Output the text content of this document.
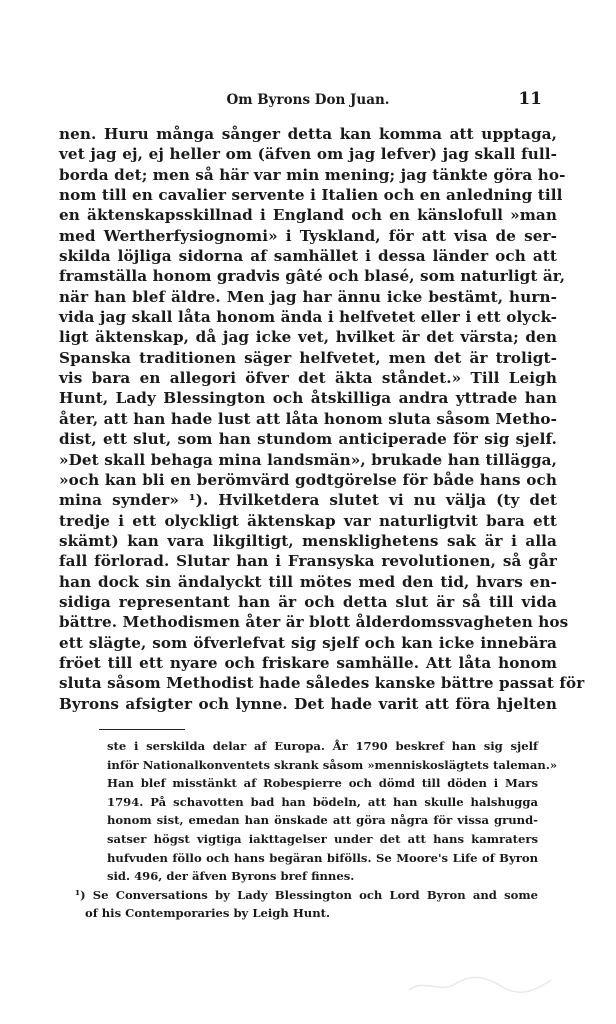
Om Byrons Don Juan.	11
nen. Huru många sånger detta kan komma att upptaga,
vet jag ej, ej heller om (äfven om jag lefver) jag skall full-
borda det; men så här var min mening; jag tänkte göra ho-
nom till en cavalier servente i Italien och en anledning till
en äktenskapsskillnad i England och en känslofull »man
med Wertherfysiognomi» i Tyskland, för att visa de ser-
skilda löjliga sidorna af samhället i dessa länder och att
framställa honom gradvis gâté och blasé, som naturligt är,
när han blef äldre. Men jag har ännu icke bestämt, hurn-
vida jag skall låta honom ända i helfvetet eller i ett olyck-
ligt äktenskap, då jag icke vet, hvilket är det värsta; den
Spanska traditionen säger helfvetet, men det är troligt-
vis bara en allegori öfver det äkta ståndet.» Till Leigh
Hunt, Lady Blessington och åtskilliga andra yttrade han
åter, att han hade lust att låta honom sluta såsom Metho-
dist, ett slut, som han stundom anticiperade för sig sjelf.
»Det skall behaga mina landsmän», brukade han tillägga,
»och kan bli en berömvärd godtgörelse för både hans och
mina synder» ¹). Hvilketdera slutet vi nu välja (ty det
tredje i ett olyckligt äktenskap var naturligtvit bara ett
skämt) kan vara likgiltigt, mensklighetens sak är i alla
fall förlorad. Slutar han i Fransyska revolutionen, så går
han dock sin ändalyckt till mötes med den tid, hvars en-
sidiga representant han är och detta slut är så till vida
bättre. Methodismen åter är blott ålderdomssvagheten hos
ett slägte, som öfverlefvat sig sjelf och kan icke innebära
fröet till ett nyare och friskare samhälle. Att låta honom
sluta såsom Methodist hade således kanske bättre passat för
Byrons afsigter och lynne. Det hade varit att föra hjelten
ste i serskilda delar af Europa. År 1790 beskref han sig sjelf
inför Nationalkonventets skrank såsom »menniskoslägtets taleman.»
Han blef misstänkt af Robespierre och dömd till döden i Mars
1794. På schavotten bad han bödeln, att han skulle halshugga
honom sist, emedan han önskade att göra några för vissa grund-
satser högst vigtiga iakttagelser under det att hans kamraters
hufvuden föllo och hans begäran bifölls. Se Moore's Life of Byron
sid. 496, der äfven Byrons bref finnes.
¹) Se Conversations by Lady Blessington och Lord Byron and some
of his Contemporaries by Leigh Hunt.
